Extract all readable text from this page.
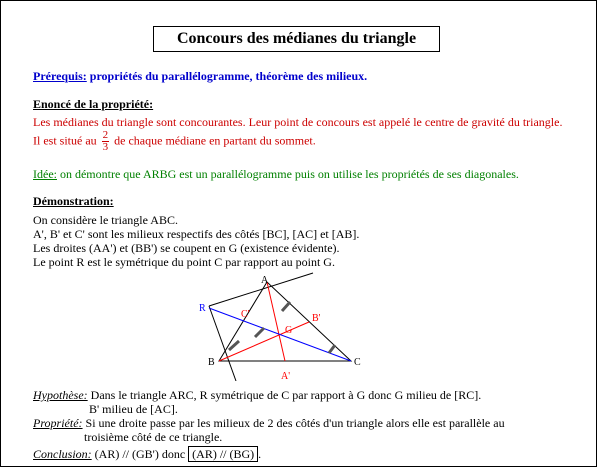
Concours des médianes du triangle
Prérequis: propriétés du parallélogramme, théorème des milieux.
Enoncé de la propriété:
Les médianes du triangle sont concourantes. Leur point de concours est appelé le centre de gravité du triangle.
Il est situé au $\frac{2}{3}$ de chaque médiane en partant du sommet.
Idée: on démontre que ARBG est un parallélogramme puis on utilise les propriétés de ses diagonales.
Démonstration:
On considère le triangle ABC.
A', B' et C' sont les milieux respectifs des côtés [BC], [AC] et [AB].
Les droites (AA') et (BB') se coupent en G (existence évidente).
Le point R est le symétrique du point C par rapport au point G.
A
B	C
R
G
A'
B'
C'
Hypothèse: Dans le triangle ARC, R symétrique de C par rapport à G donc G milieu de [RC].
B' milieu de [AC].
Propriété: Si une droite passe par les milieux de 2 des côtés d'un triangle alors elle est parallèle au
troisième côté de ce triangle.
Conclusion: (AR) // (GB') donc (AR) // (BG) .
